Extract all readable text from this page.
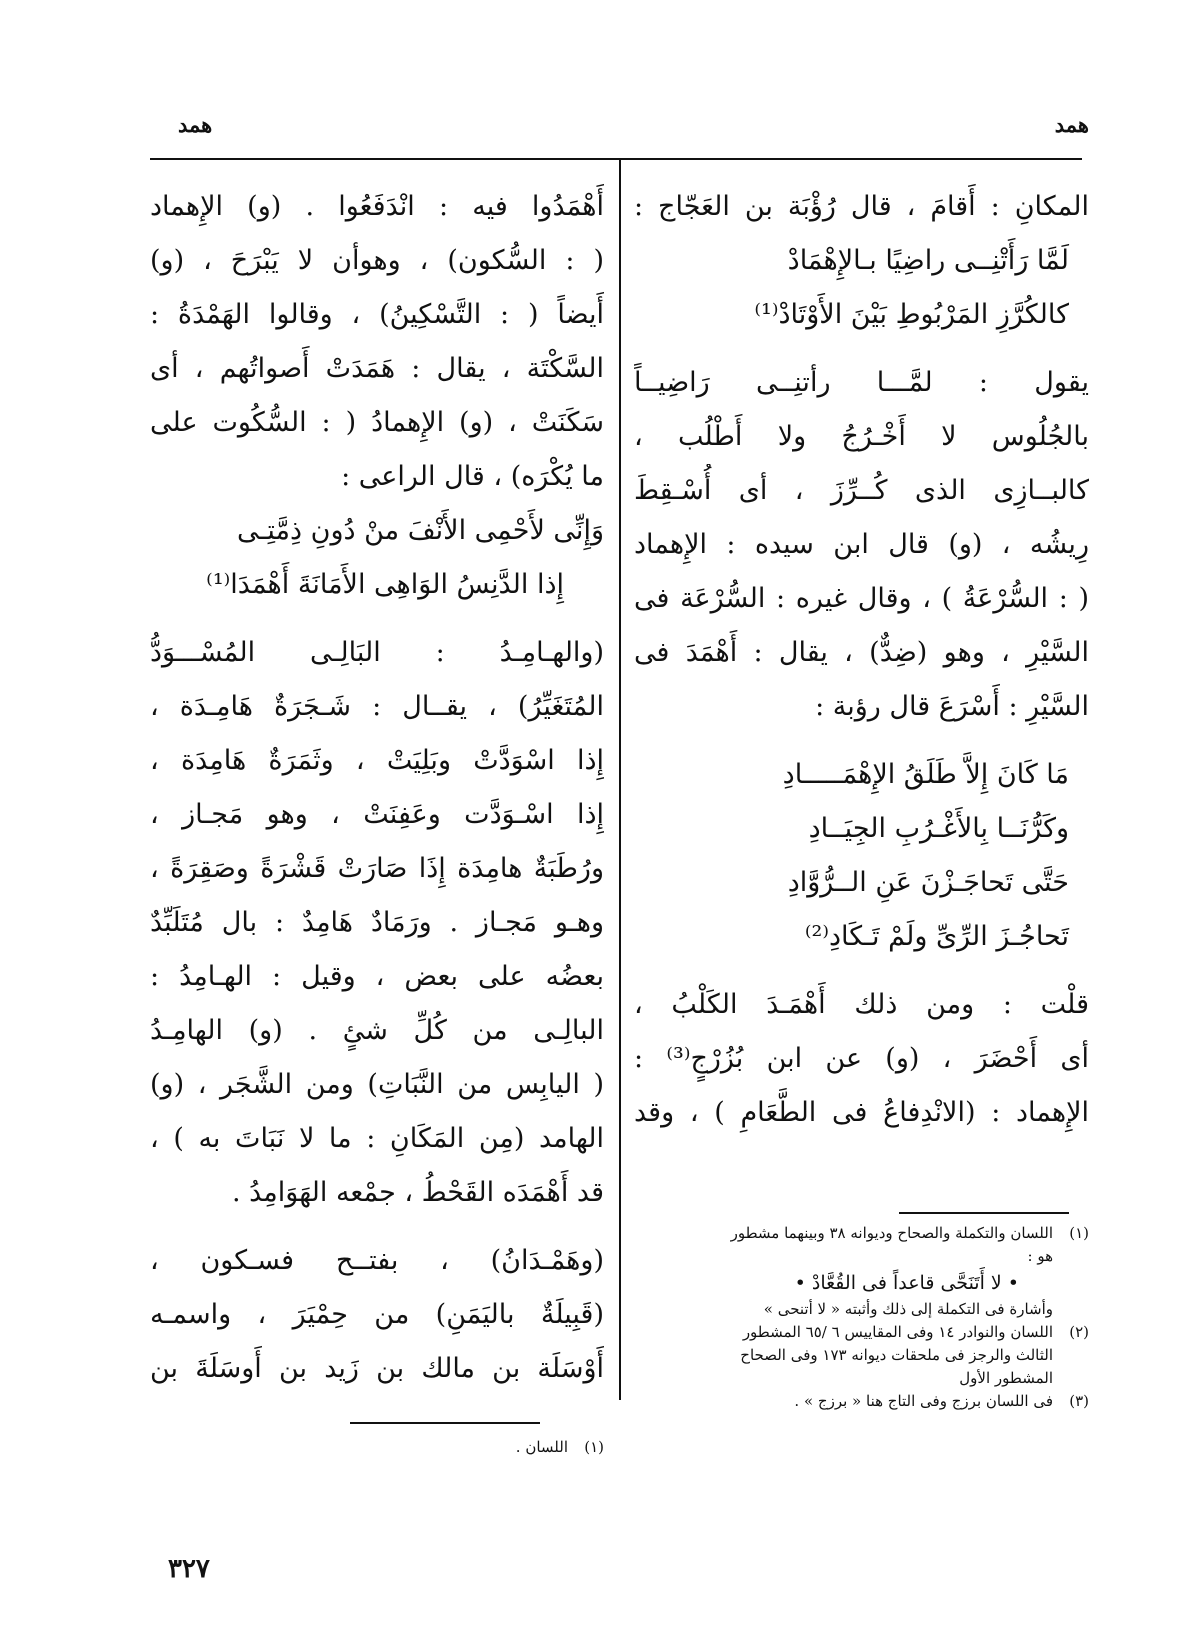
همد
همد
المكانِ : أَقامَ ، قال رُؤْبَة بن العَجّاج :
لَمَّا رَأَتْنِــى راضِيًا بـالإِهْمَادْ
كالكُرَّزِ المَرْبُوطِ بَيْنَ الأَوْتَادْ⁽¹⁾
يقول : لمَّـــا رأتنِــى رَاضِيــاً
بالجُلُوس لا أَخْـرُجُ ولا أَطْلُب ،
كالبــازِى الذى كُــرِّزَ ، أى أُسْـقِطَ
رِيشُه ، (و) قال ابن سيده : الإِهماد
( : السُّرْعَةُ ) ، وقال غيره : السُّرْعَة فى
السَّيْرِ ، وهو (ضِدٌّ) ، يقال : أَهْمَدَ فى
السَّيْرِ : أَسْرَعَ قال رؤبة :
مَا كَانَ إِلاَّ طَلَقُ الإِهْمَـــــادِ
وكَرُّنَــا بِالأَغْـرُبِ الجِيَــادِ
حَتَّى تَحاجَـزْنَ عَنِ الــرُّوَّادِ
تَحاجُـزَ الرِّىِّ ولَمْ تَـكَادِ⁽²⁾
قلْت : ومن ذلك أَهْمَـدَ الكَلْبُ ،
أى أَحْضَرَ ، (و) عن ابن بُزُرْجٍ⁽³⁾ :
الإِهماد : (الانْدِفاعُ فى الطَّعَامِ ) ، وقد
(١)اللسان والتكملة والصحاح وديوانه ٣٨ وبينهما مشطور
هو :
• لا أَتَنَحَّى قاعداً فى القُعَّادْ •
وأشارة فى التكملة إلى ذلك وأثبته « لا أتنحى »
(٢)اللسان والنوادر ١٤ وفى المقاييس ٦ /٦٥ المشطور
الثالث والرجز فى ملحقات ديوانه ١٧٣ وفى الصحاح
المشطور الأول
(٣)فى اللسان برزج وفى التاج هنا « برزج » .
أَهْمَدُوا فيه : انْدَفَعُوا . (و) الإِهماد
( : السُّكون) ، وهوأن لا يَبْرَحَ ، (و)
أَيضاً ( : التَّسْكِينُ) ، وقالوا الهَمْدَةُ :
السَّكْتَة ، يقال : هَمَدَتْ أَصواتُهم ، أى
سَكَنَتْ ، (و) الإِهمادُ ( : السُّكُوت على
ما يُكْرَه) ، قال الراعى :
وَإِنِّى لأَحْمِى الأَنْفَ منْ دُونِ ذِمَّتِـى
إِذا الدَّنِسُ الوَاهِى الأَمَانَةَ أَهْمَدَا⁽¹⁾
(والهـامِـدُ : البَالِـى المُسْـــوَدُّ
المُتَغَيِّرُ) ، يقــال : شَـجَرَةٌ هَامِـدَة ،
إِذا اسْوَدَّتْ وبَلِيَتْ ، وثَمَرَةٌ هَامِدَة ،
إِذا اسْـوَدَّت وعَفِنَتْ ، وهو مَجـاز ،
ورُطَبَةٌ هامِدَة إِذَا صَارَتْ قَشْرَةً وصَقِرَةً ،
وهـو مَجـاز . ورَمَادٌ هَامِدٌ : بال مُتَلَبِّدٌ
بعضُه على بعض ، وقيل : الهـامِدُ :
البالِـى من كُلِّ شئٍ . (و) الهامِـدُ
( اليابِس من النَّبَاتِ) ومن الشَّجَر ، (و)
الهامد (مِن المَكَانِ : ما لا نَبَاتَ به ) ،
قد أَهْمَدَه القَحْطُ ، جمْعه الهَوَامِدُ .
(وهَمْـدَانُ) ، بفتــح فسـكون ،
(قَبِيلَةٌ باليَمَنِ) من حِمْيَرَ ، واسمـه
أَوْسَلَة بن مالك بن زَيد بن أَوسَلَةَ بن
(١)اللسان .
٣٢٧
